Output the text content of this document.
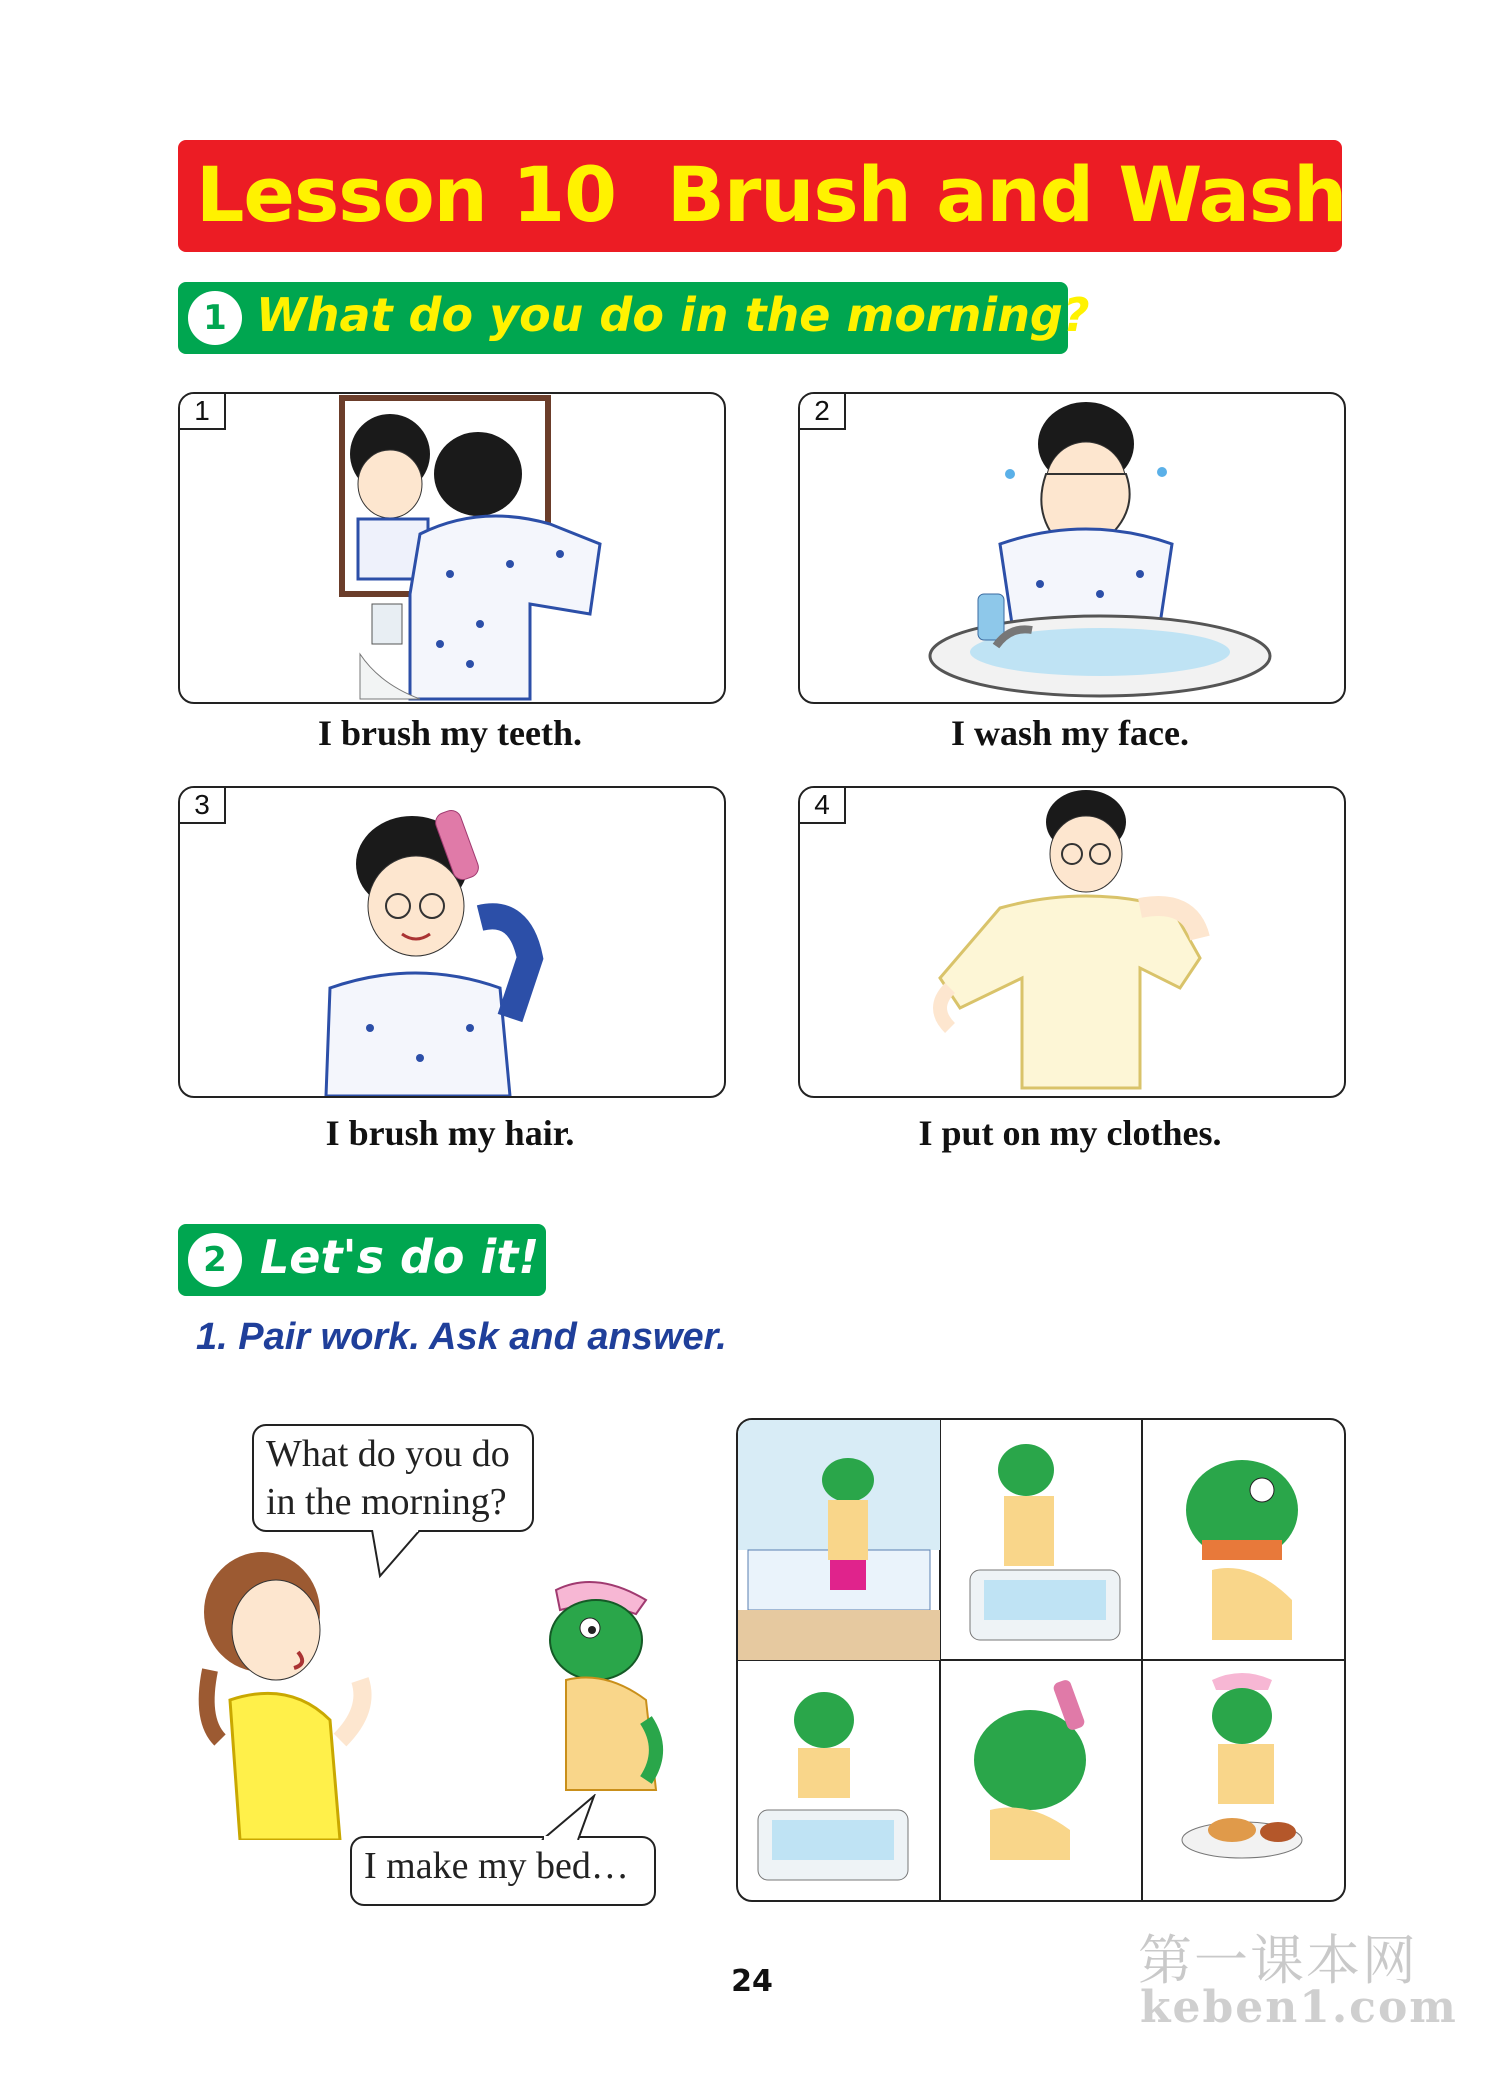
Lesson 10  Brush and Wash
1 What do you do in the morning?
1
I brush my teeth.
2
I wash my face.
3
I brush my hair.
4
I put on my clothes.
2 Let's do it!
1. Pair work. Ask and answer.
What do you do
in the morning?
I make my bed…
24	第一课本网
keben1.com
